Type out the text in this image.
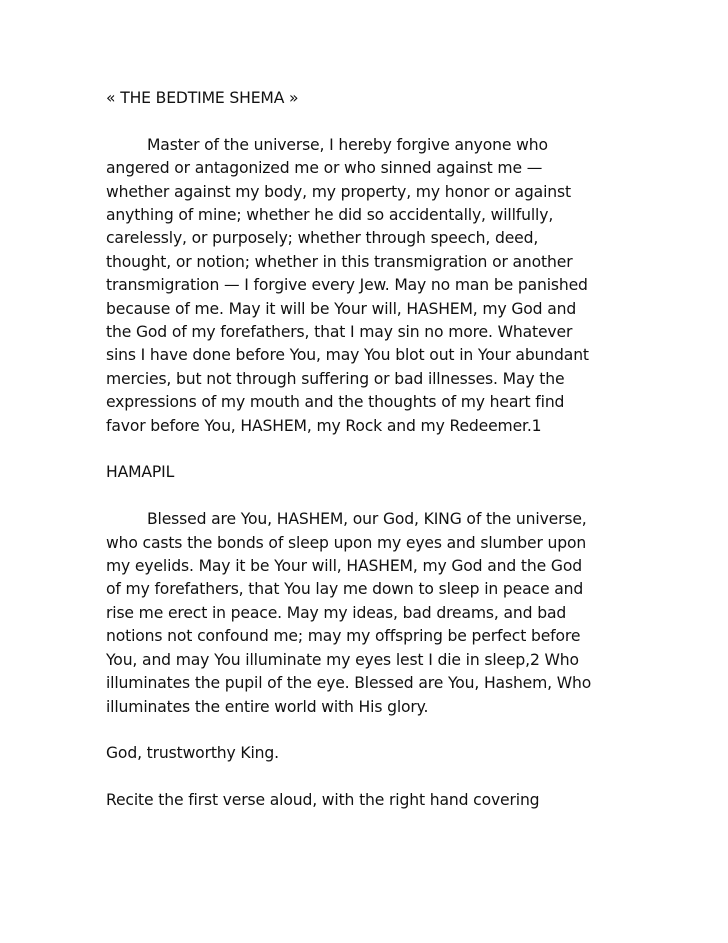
« THE BEDTIME SHEMA »

Master of the universe, I hereby forgive anyone who angered or antagonized me or who sinned against me — whether against my body, my property, my honor or against anything of mine; whether he did so accidentally, willfully, carelessly, or purposely; whether through speech, deed, thought, or notion; whether in this transmigration or another transmigration — I forgive every Jew. May no man be panished because of me. May it will be Your will, HASHEM, my God and the God of my forefathers, that I may sin no more. Whatever sins I have done before You, may You blot out in Your abundant mercies, but not through suffering or bad illnesses. May the expressions of my mouth and the thoughts of my heart find favor before You, HASHEM, my Rock and my Redeemer.1

HAMAPIL

Blessed are You, HASHEM, our God, KING of the universe, who casts the bonds of sleep upon my eyes and slumber upon my eyelids. May it be Your will, HASHEM, my God and the God of my forefathers, that You lay me down to sleep in peace and rise me erect in peace. May my ideas, bad dreams, and bad notions not confound me; may my offspring be perfect before You, and may You illuminate my eyes lest I die in sleep,2 Who illuminates the pupil of the eye. Blessed are You, Hashem, Who illuminates the entire world with His glory.

God, trustworthy King.

Recite the first verse aloud, with the right hand covering
